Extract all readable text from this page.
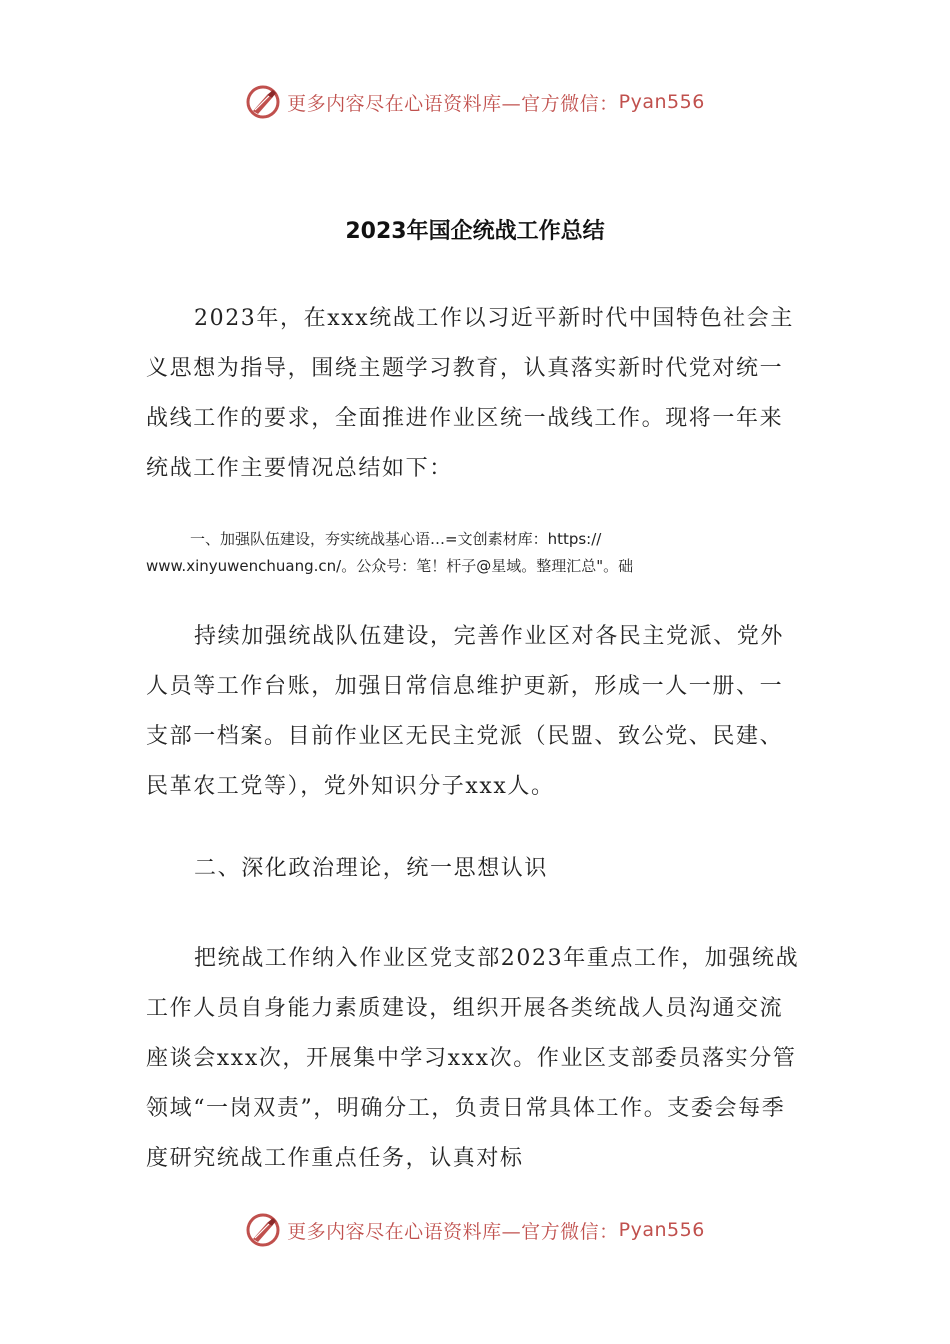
更多内容尽在心语资料库—官方微信： Pyan556
2023年国企统战工作总结

2023年，在xxx统战工作以习近平新时代中国特色社会主义思想为指导，围绕主题学习教育，认真落实新时代党对统一战线工作的要求，全面推进作业区统一战线工作。现将一年来统战工作主要情况总结如下：

一、加强队伍建设，夯实统战基心语…=文创素材库：https://
www.xinyuwenchuang.cn/。公众号：笔！杆子@星域。整理汇总"。础

持续加强统战队伍建设，完善作业区对各民主党派、党外人员等工作台账，加强日常信息维护更新，形成一人一册、一支部一档案。目前作业区无民主党派（民盟、致公党、民建、民革农工党等），党外知识分子xxx人。

二、深化政治理论，统一思想认识

把统战工作纳入作业区党支部2023年重点工作，加强统战工作人员自身能力素质建设，组织开展各类统战人员沟通交流座谈会xxx次，开展集中学习xxx次。作业区支部委员落实分管领域“一岗双责”，明确分工，负责日常具体工作。支委会每季度研究统战工作重点任务，认真对标

更多内容尽在心语资料库—官方微信： Pyan556
